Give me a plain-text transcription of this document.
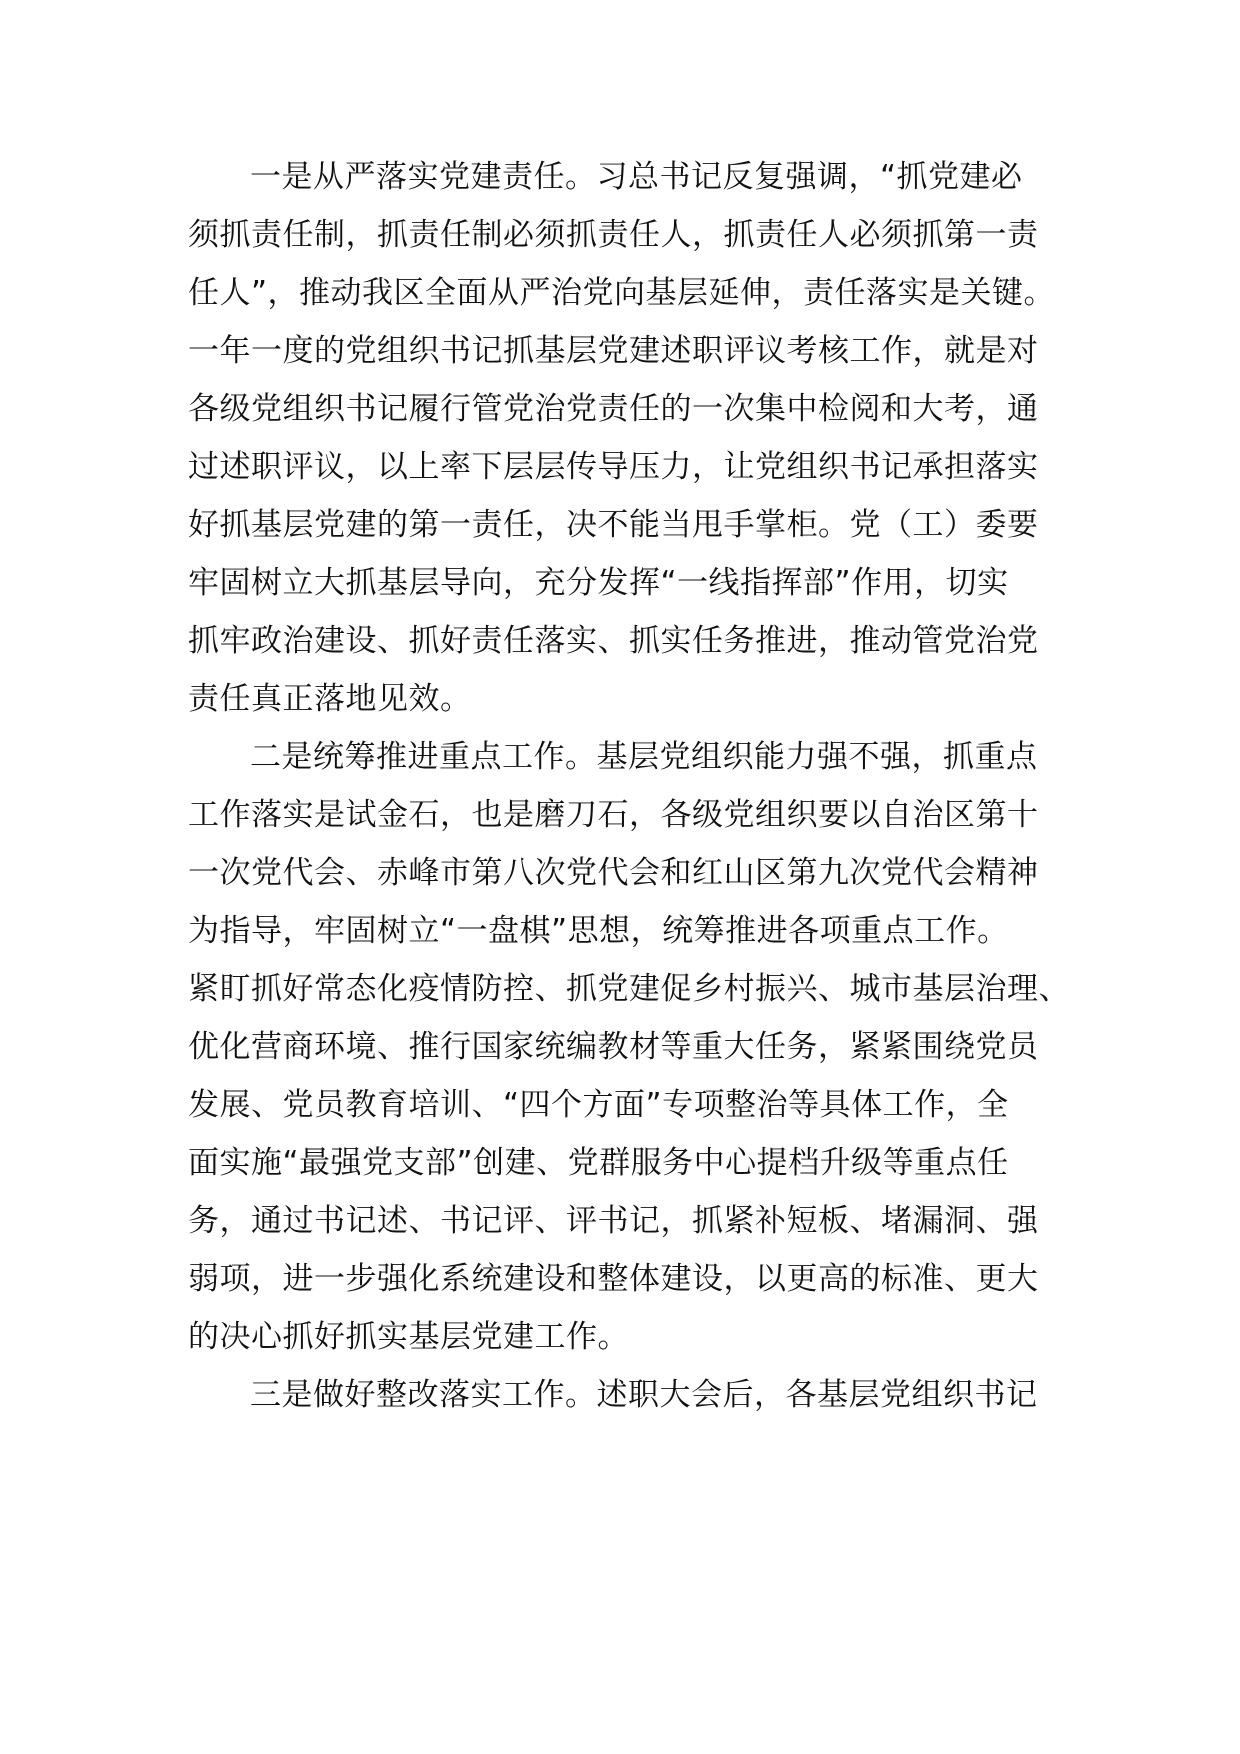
一是从严落实党建责任。习总书记反复强调，“抓党建必
须抓责任制，抓责任制必须抓责任人，抓责任人必须抓第一责
任人”，推动我区全面从严治党向基层延伸，责任落实是关键。
一年一度的党组织书记抓基层党建述职评议考核工作，就是对
各级党组织书记履行管党治党责任的一次集中检阅和大考，通
过述职评议，以上率下层层传导压力，让党组织书记承担落实
好抓基层党建的第一责任，决不能当甩手掌柜。党（工）委要
牢固树立大抓基层导向，充分发挥“一线指挥部”作用，切实
抓牢政治建设、抓好责任落实、抓实任务推进，推动管党治党
责任真正落地见效。
二是统筹推进重点工作。基层党组织能力强不强，抓重点
工作落实是试金石，也是磨刀石，各级党组织要以自治区第十
一次党代会、赤峰市第八次党代会和红山区第九次党代会精神
为指导，牢固树立“一盘棋”思想，统筹推进各项重点工作。
紧盯抓好常态化疫情防控、抓党建促乡村振兴、城市基层治理、
优化营商环境、推行国家统编教材等重大任务，紧紧围绕党员
发展、党员教育培训、“四个方面”专项整治等具体工作，全
面实施“最强党支部”创建、党群服务中心提档升级等重点任
务，通过书记述、书记评、评书记，抓紧补短板、堵漏洞、强
弱项，进一步强化系统建设和整体建设，以更高的标准、更大
的决心抓好抓实基层党建工作。
三是做好整改落实工作。述职大会后，各基层党组织书记
